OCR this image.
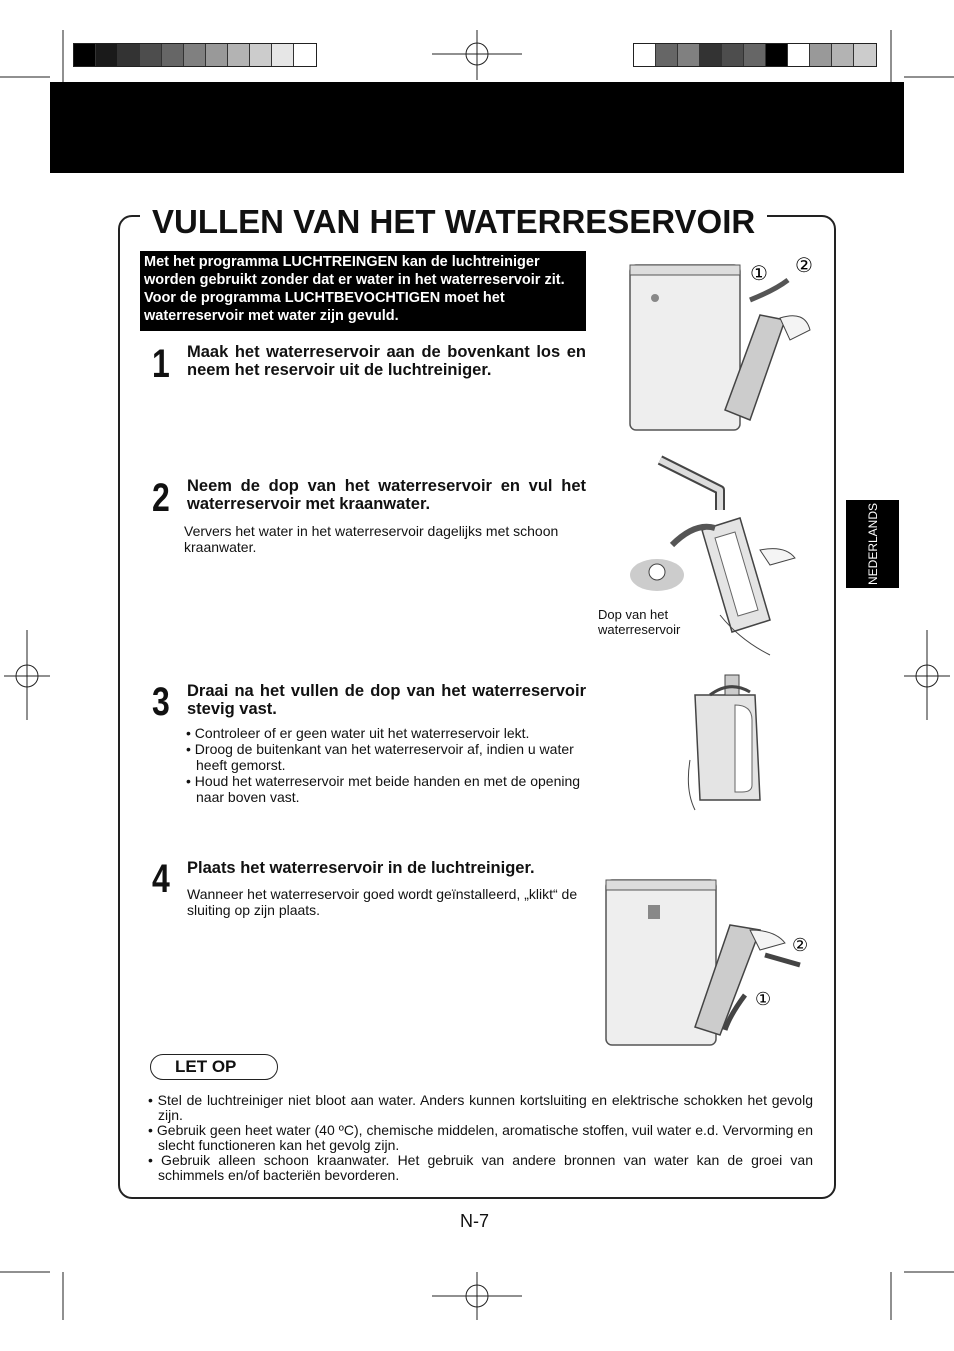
VULLEN VAN HET WATERRESERVOIR
Met het programma LUCHTREINGEN kan de luchtreiniger worden gebruikt zonder dat er water in het waterreservoir zit. Voor de programma LUCHTBEVOCHTIGEN moet het waterreservoir met water zijn gevuld.
1 Maak het waterreservoir aan de bovenkant los en neem het reservoir uit de luchtreiniger.
2 Neem de dop van het waterreservoir en vul het waterreservoir met kraanwater.
Ververs het water in het waterreservoir dagelijks met schoon kraanwater.
3 Draai na het vullen de dop van het waterreservoir stevig vast.
• Controleer of er geen water uit het waterreservoir lekt.
• Droog de buitenkant van het waterreservoir af, indien u water heeft gemorst.
• Houd het waterreservoir met beide handen en met de opening naar boven vast.
4 Plaats het waterreservoir in de luchtreiniger.
Wanneer het waterreservoir goed wordt geïnstalleerd, „klikt“ de sluiting op zijn plaats.
① ②
Dop van het waterreservoir
②
①
LET OP
• Stel de luchtreiniger niet bloot aan water. Anders kunnen kortsluiting en elektrische schokken het gevolg zijn.
• Gebruik geen heet water (40 ºC), chemische middelen, aromatische stoffen, vuil water e.d. Vervorming en slecht functioneren kan het gevolg zijn.
• Gebruik alleen schoon kraanwater. Het gebruik van andere bronnen van water kan de groei van schimmels en/of bacteriën bevorderen.
NEDERLANDS
N-7
